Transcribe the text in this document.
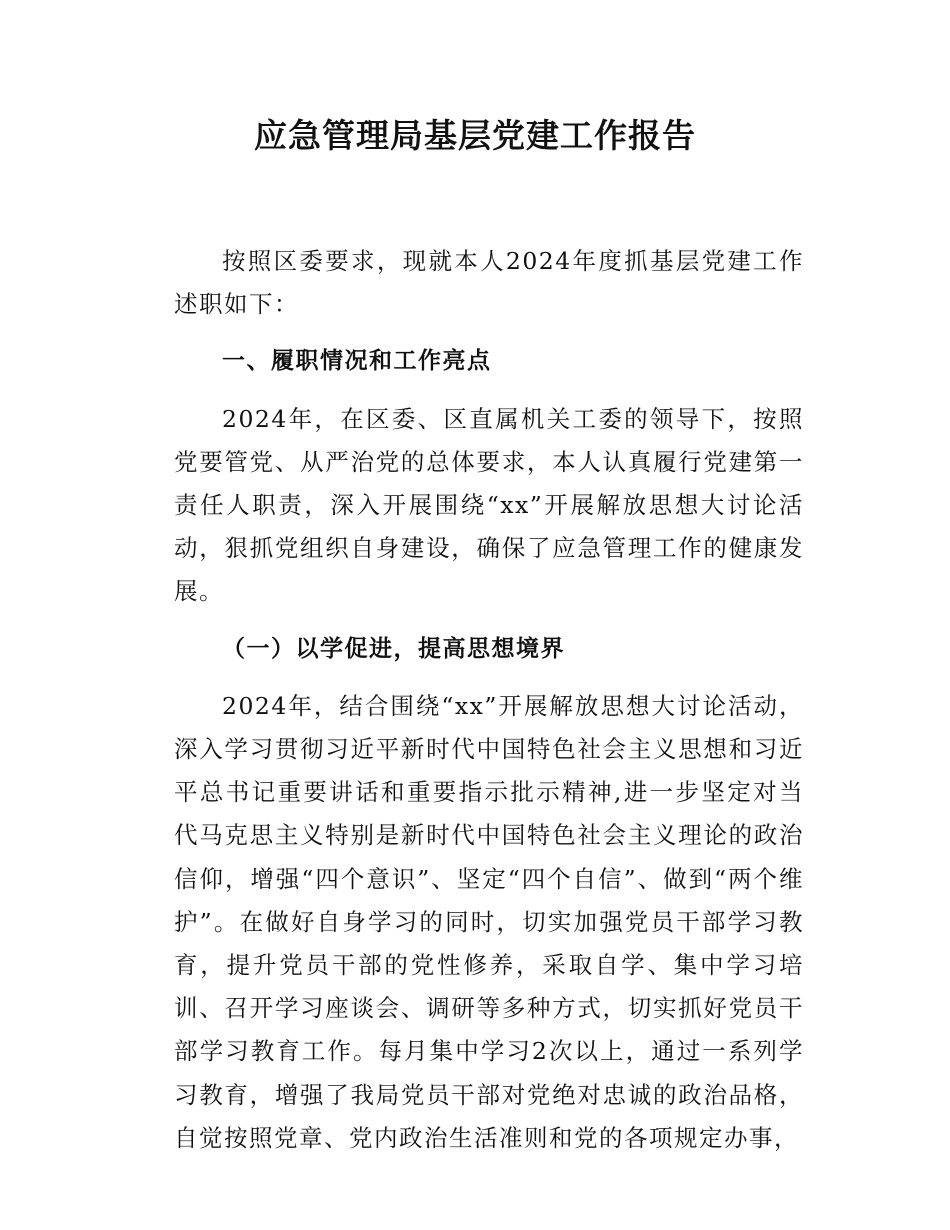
应急管理局基层党建工作报告

按照区委要求，现就本人2024年度抓基层党建工作述职如下：

一、履职情况和工作亮点

2024年，在区委、区直属机关工委的领导下，按照党要管党、从严治党的总体要求，本人认真履行党建第一责任人职责，深入开展围绕“xx”开展解放思想大讨论活动，狠抓党组织自身建设，确保了应急管理工作的健康发展。

（一）以学促进，提高思想境界

2024年，结合围绕“xx”开展解放思想大讨论活动，深入学习贯彻习近平新时代中国特色社会主义思想和习近平总书记重要讲话和重要指示批示精神,进一步坚定对当代马克思主义特别是新时代中国特色社会主义理论的政治信仰，增强“四个意识”、坚定“四个自信”、做到“两个维护”。在做好自身学习的同时，切实加强党员干部学习教育，提升党员干部的党性修养，采取自学、集中学习培训、召开学习座谈会、调研等多种方式，切实抓好党员干部学习教育工作。每月集中学习2次以上，通过一系列学习教育，增强了我局党员干部对党绝对忠诚的政治品格，自觉按照党章、党内政治生活准则和党的各项规定办事，
